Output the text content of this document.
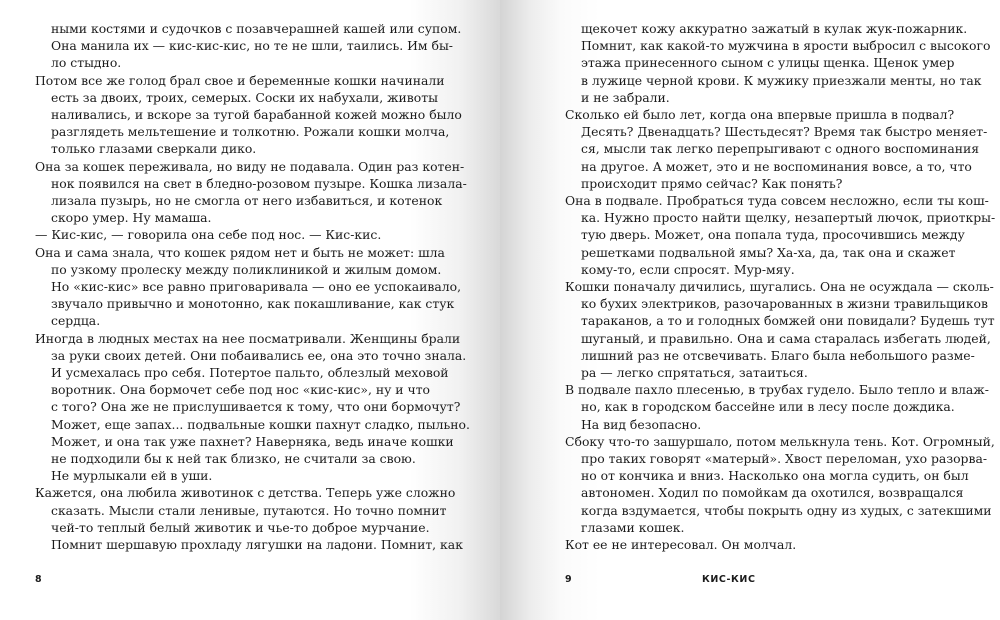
ными костями и судочков с позавчерашней кашей или супом.
Она манила их — кис-кис-кис, но те не шли, таились. Им бы-
ло стыдно.
Потом все же голод брал свое и беременные кошки начинали
есть за двоих, троих, семерых. Соски их набухали, животы
наливались, и вскоре за тугой барабанной кожей можно было
разглядеть мельтешение и толкотню. Рожали кошки молча,
только глазами сверкали дико.
Она за кошек переживала, но виду не подавала. Один раз котен-
нок появился на свет в бледно-розовом пузыре. Кошка лизала-
лизала пузырь, но не смогла от него избавиться, и котенок
скоро умер. Ну мамаша.
— Кис-кис, — говорила она себе под нос. — Кис-кис.
Она и сама знала, что кошек рядом нет и быть не может: шла
по узкому пролеску между поликлиникой и жилым домом.
Но «кис-кис» все равно приговаривала — оно ее успокаивало,
звучало привычно и монотонно, как покашливание, как стук
сердца.
Иногда в людных местах на нее посматривали. Женщины брали
за руки своих детей. Они побаивались ее, она это точно знала.
И усмехалась про себя. Потертое пальто, облезлый меховой
воротник. Она бормочет себе под нос «кис-кис», ну и что
с того? Она же не прислушивается к тому, что они бормочут?
Может, еще запах... подвальные кошки пахнут сладко, пыльно.
Может, и она так уже пахнет? Наверняка, ведь иначе кошки
не подходили бы к ней так близко, не считали за свою.
Не мурлыкали ей в уши.
Кажется, она любила животинок с детства. Теперь уже сложно
сказать. Мысли стали ленивые, путаются. Но точно помнит
чей-то теплый белый животик и чье-то доброе мурчание.
Помнит шершавую прохладу лягушки на ладони. Помнит, как
8
щекочет кожу аккуратно зажатый в кулак жук-пожарник.
Помнит, как какой-то мужчина в ярости выбросил с высокого
этажа принесенного сыном с улицы щенка. Щенок умер
в лужице черной крови. К мужику приезжали менты, но так
и не забрали.
Сколько ей было лет, когда она впервые пришла в подвал?
Десять? Двенадцать? Шестьдесят? Время так быстро меняет-
ся, мысли так легко перепрыгивают с одного воспоминания
на другое. А может, это и не воспоминания вовсе, а то, что
происходит прямо сейчас? Как понять?
Она в подвале. Пробраться туда совсем несложно, если ты кош-
ка. Нужно просто найти щелку, незапертый лючок, приоткры-
тую дверь. Может, она попала туда, просочившись между
решетками подвальной ямы? Ха-ха, да, так она и скажет
кому-то, если спросят. Мур-мяу.
Кошки поначалу дичились, шугались. Она не осуждала — сколь-
ко бухих электриков, разочарованных в жизни травильщиков
тараканов, а то и голодных бомжей они повидали? Будешь тут
шуганый, и правильно. Она и сама старалась избегать людей,
лишний раз не отсвечивать. Благо была небольшого разме-
ра — легко спрятаться, затаиться.
В подвале пахло плесенью, в трубах гудело. Было тепло и влаж-
но, как в городском бассейне или в лесу после дождика.
На вид безопасно.
Сбоку что-то зашуршало, потом мелькнула тень. Кот. Огромный,
про таких говорят «матерый». Хвост переломан, ухо разорва-
но от кончика и вниз. Насколько она могла судить, он был
автономен. Ходил по помойкам да охотился, возвращался
когда вздумается, чтобы покрыть одну из худых, с затекшими
глазами кошек.
Кот ее не интересовал. Он молчал.
9	КИС-КИС
